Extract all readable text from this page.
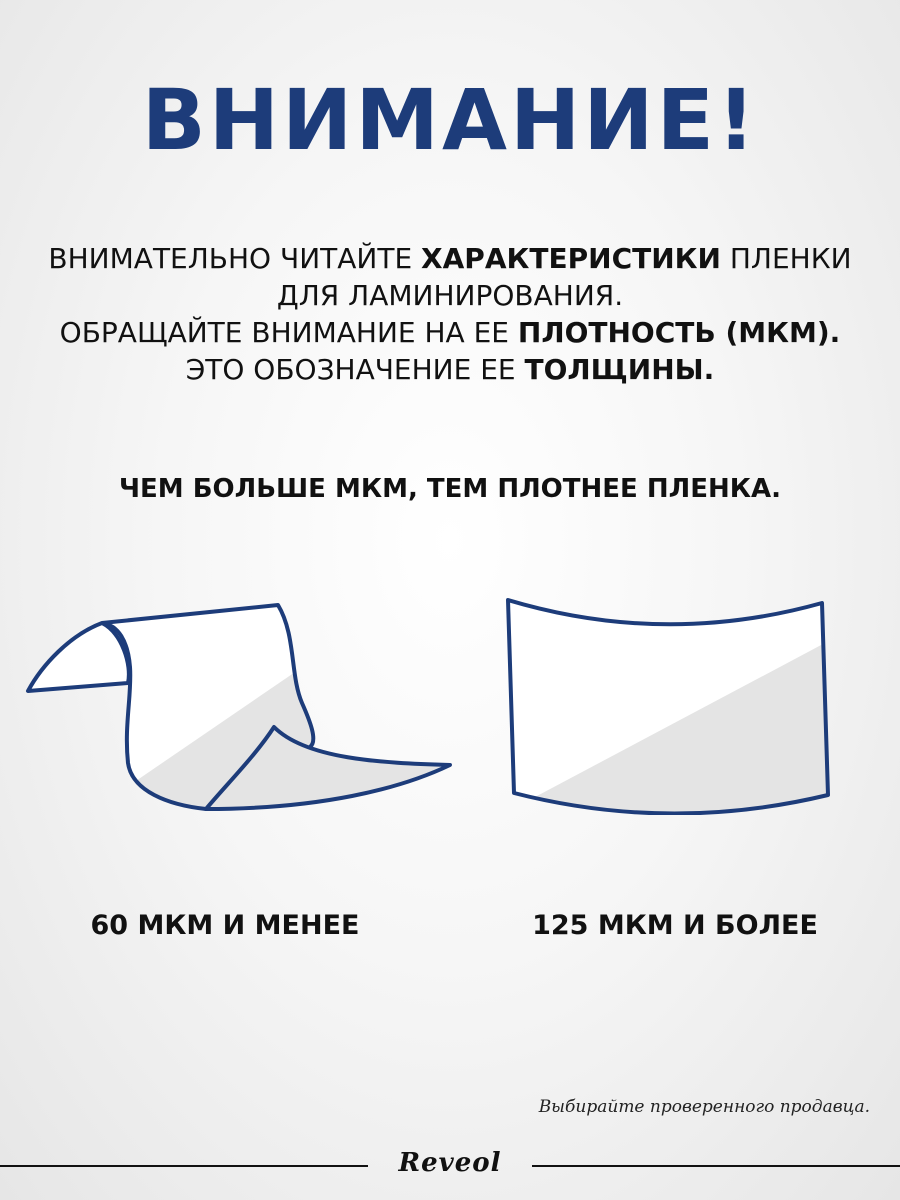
ВНИМАНИЕ!
ВНИМАТЕЛЬНО ЧИТАЙТЕ ХАРАКТЕРИСТИКИ ПЛЕНКИ
ДЛЯ ЛАМИНИРОВАНИЯ.
ОБРАЩАЙТЕ ВНИМАНИЕ НА ЕЕ ПЛОТНОСТЬ (МКМ).
ЭТО ОБОЗНАЧЕНИЕ ЕЕ ТОЛЩИНЫ.
ЧЕМ БОЛЬШЕ МКМ, ТЕМ ПЛОТНЕЕ ПЛЕНКА.
60 МКМ И МЕНЕЕ	125 МКМ И БОЛЕЕ
Выбирайте проверенного продавца.
Reveol
